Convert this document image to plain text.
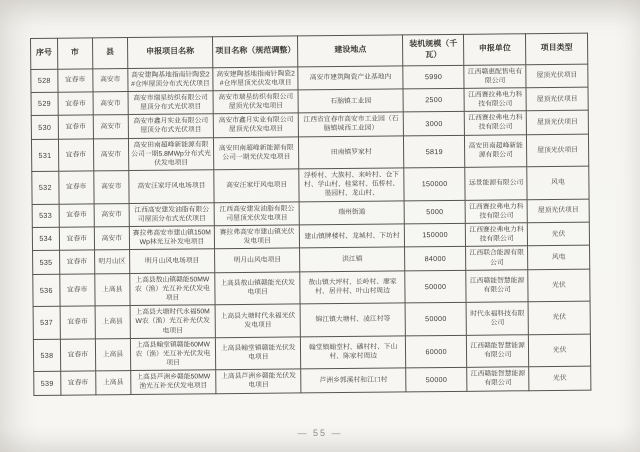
序号	市	县	申报项目名称	项目名称（规范调整）	建设地点	装机规模（千瓦）	申报单位	项目类型
528	宜春市	高安市	高安建陶基地指南针陶瓷2#仓库屋顶分布式光伏项目	高安建陶基地指南针陶瓷2#仓库屋顶光伏发电项目	高安市建筑陶瓷产业基地内	5990	江西赣惠配售电有限公司	屋顶光伏项目
529	宜春市	高安市	高安市瑞星纺织有限公司屋顶分布式光伏项目	高安市瑞星纺织有限公司屋顶光伏发电项目	石脑镇工业园	2500	江西赛拉弗电力科技有限公司	屋顶光伏项目
530	宜春市	高安市	高安市鑫月实业有限公司屋顶分布式光伏项目	高安市鑫月实业有限公司屋顶光伏发电项目	江西省宜春市高安市工业园（石脑镇城西工业园）	3000	江西赛拉弗电力科技有限公司	屋顶光伏项目
531	宜春市	高安市	高安田南超峰新能源有限公司一期5.8MWp分布式光伏发电项目	高安田南超峰新能源有限公司一期光伏发电项目	田南镇罗家村	5819	高安田南超峰新能源有限公司	屋顶光伏项目
532	宜春市	高安市	高安汪家圩风电场项目	高安汪家圩风电项目	浮桥村、大族村、来岭村、仓下村、学山村、桂棠村、伍桥村、墨园村、龙山村、	150000	远景能源有限公司	风电
533	宜春市	高安市	江西高安建发油脂有限公司屋顶分布式光伏项目	江西高安建发油脂有限公司屋顶光伏发电项目	瑞州街道	5000	江西赛拉弗电力科技有限公司	屋顶光伏项目
534	宜春市	高安市	赛拉弗高安市建山镇150MWp林光互补发电项目	赛拉弗高安市建山镇光伏发电项目	建山镇牌楼村、龙城村、下坊村	150000	江西赛拉弗电力科技有限公司	光伏
535	宜春市	明月山区	明月山风电场项目	明月山风电项目	洪江镇	84000	江西联合能源有限公司	风电
536	宜春市	上高县	上高县敖山镇赣能50MW农（渔）光互补光伏发电项目	上高县敖山镇赣能光伏发电项目	敖山镇大坪村、长岭村、廖家村、居井村、叶山村周边	50000	江西赣能智慧能源有限公司	光伏
537	宜春市	上高县	上高县大塘时代永福50MW农（渔）光互补光伏发电项目	上高县大塘时代永福光伏发电项目	锦江镇大塘村、凌江村等	50000	时代永福科技有限公司	光伏
538	宜春市	上高县	上高县翰堂镇赣能60MW农（渔）光互补光伏发电项目	上高县翰堂镇赣能光伏发电项目	翰堂镇翰堂村、磻村村、下山村、陈家村周边	60000	江西赣能智慧能源有限公司	光伏
539	宜春市	上高县	上高县芦洲乡赣能50MW渔光互补光伏发电项目	上高县芦洲乡赣能光伏发电项目	芦洲乡郭溪村和江口村	50000	江西赣能智慧能源有限公司	光伏
— 55 —
